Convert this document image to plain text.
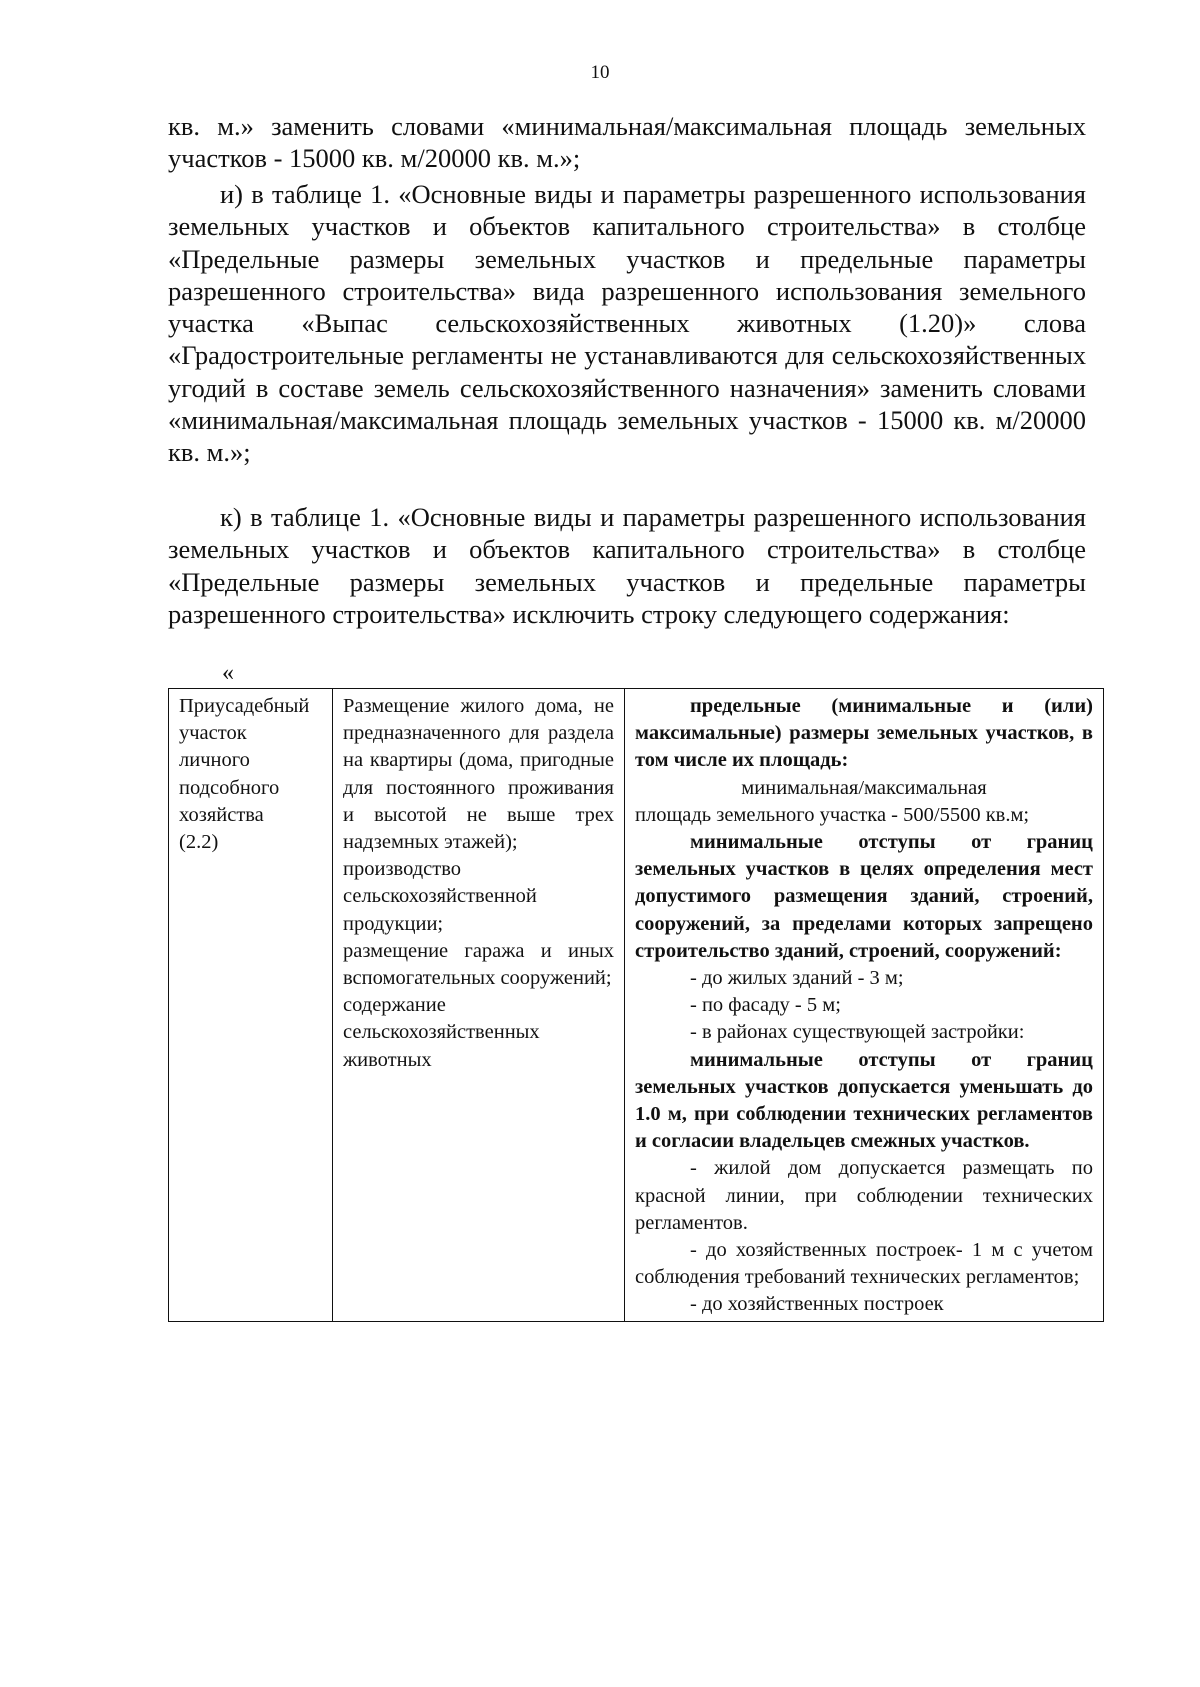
10
кв. м.» заменить словами «минимальная/максимальная площадь земельных участков - 15000 кв. м/20000 кв. м.»;
и) в таблице 1. «Основные виды и параметры разрешенного использования земельных участков и объектов капитального строительства» в столбце «Предельные размеры земельных участков и предельные параметры разрешенного строительства» вида разрешенного использования земельного участка «Выпас сельскохозяйственных животных (1.20)» слова «Градостроительные регламенты не устанавливаются для сельскохозяйственных угодий в составе земель сельскохозяйственного назначения» заменить словами «минимальная/максимальная площадь земельных участков - 15000 кв. м/20000 кв. м.»;
к) в таблице 1. «Основные виды и параметры разрешенного использования земельных участков и объектов капитального строительства» в столбце «Предельные размеры земельных участков и предельные параметры разрешенного строительства» исключить строку следующего содержания:
«
Приусадебный
участок личного
подсобного
хозяйства
(2.2)

Размещение жилого дома, не предназначенного для раздела на квартиры (дома, пригодные для постоянного проживания и высотой не выше трех надземных этажей);
производство сельскохозяйственной продукции;
размещение гаража и иных вспомогательных сооружений;
содержание сельскохозяйственных животных

предельные (минимальные и (или) максимальные) размеры земельных участков, в том числе их площадь:
минимальная/максимальная
площадь земельного участка - 500/5500 кв.м;
минимальные отступы от границ земельных участков в целях определения мест допустимого размещения зданий, строений, сооружений, за пределами которых запрещено строительство зданий, строений, сооружений:
- до жилых зданий - 3 м;
- по фасаду - 5 м;
- в районах существующей застройки:
минимальные отступы от границ земельных участков допускается уменьшать до 1.0 м, при соблюдении технических регламентов и согласии владельцев смежных участков.
- жилой дом допускается размещать по красной линии, при соблюдении технических регламентов.
- до хозяйственных построек- 1 м с учетом соблюдения требований технических регламентов;
- до хозяйственных построек
